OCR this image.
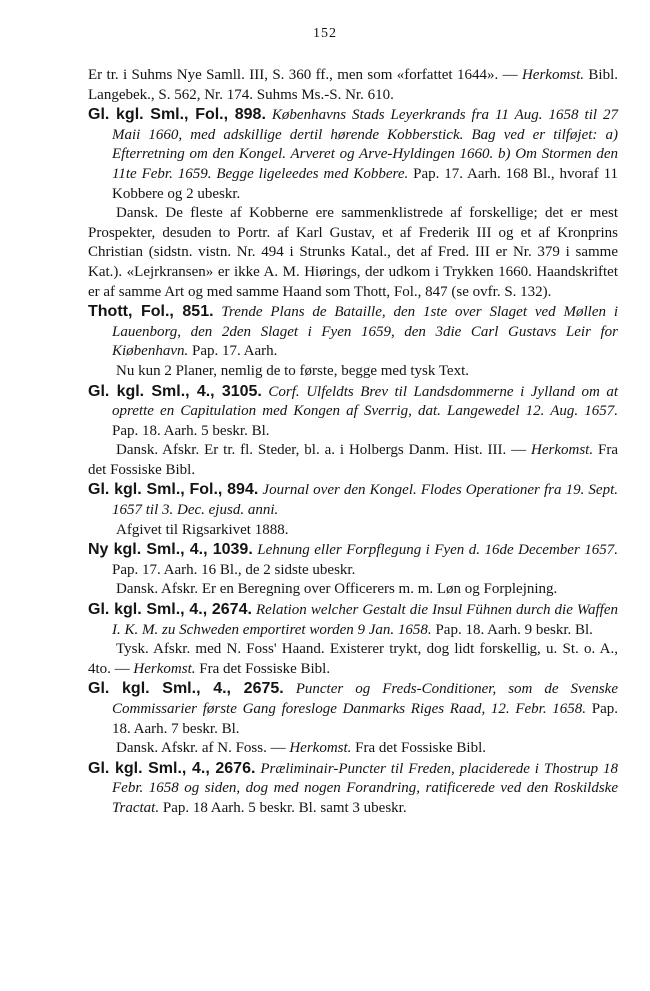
152

Er tr. i Suhms Nye Samll. III, S. 360 ff., men som «forfattet 1644». — Herkomst. Bibl. Langebek., S. 562, Nr. 174. Suhms Ms.-S. Nr. 610.

Gl. kgl. Sml., Fol., 898. Københavns Stads Leyerkrands fra 11 Aug. 1658 til 27 Maii 1660, med adskillige dertil hørende Kobberstick. Bag ved er tilføjet: a) Efterretning om den Kongel. Arveret og Arve-Hyldingen 1660. b) Om Stormen den 11te Febr. 1659. Begge ligeleedes med Kobbere. Pap. 17. Aarh. 168 Bl., hvoraf 11 Kobbere og 2 ubeskr.

Dansk. De fleste af Kobberne ere sammenklistrede af forskellige; det er mest Prospekter, desuden to Portr. af Karl Gustav, et af Frederik III og et af Kronprins Christian (sidstn. vistn. Nr. 494 i Strunks Katal., det af Fred. III er Nr. 379 i samme Kat.). «Lejrkransen» er ikke A. M. Hiørings, der udkom i Trykken 1660. Haandskriftet er af samme Art og med samme Haand som Thott, Fol., 847 (se ovfr. S. 132).

Thott, Fol., 851. Trende Plans de Bataille, den 1ste over Slaget ved Møllen i Lauenborg, den 2den Slaget i Fyen 1659, den 3die Carl Gustavs Leir for Kiøbenhavn. Pap. 17. Aarh.

Nu kun 2 Planer, nemlig de to første, begge med tysk Text.

Gl. kgl. Sml., 4., 3105. Corf. Ulfeldts Brev til Landsdommerne i Jylland om at oprette en Capitulation med Kongen af Sverrig, dat. Langewedel 12. Aug. 1657. Pap. 18. Aarh. 5 beskr. Bl.

Dansk. Afskr. Er tr. fl. Steder, bl. a. i Holbergs Danm. Hist. III. — Herkomst. Fra det Fossiske Bibl.

Gl. kgl. Sml., Fol., 894. Journal over den Kongel. Flodes Operationer fra 19. Sept. 1657 til 3. Dec. ejusd. anni.

Afgivet til Rigsarkivet 1888.

Ny kgl. Sml., 4., 1039. Lehnung eller Forpflegung i Fyen d. 16de December 1657. Pap. 17. Aarh. 16 Bl., de 2 sidste ubeskr.

Dansk. Afskr. Er en Beregning over Officerers m. m. Løn og Forplejning.

Gl. kgl. Sml., 4., 2674. Relation welcher Gestalt die Insul Fühnen durch die Waffen I. K. M. zu Schweden emportiret worden 9 Jan. 1658. Pap. 18. Aarh. 9 beskr. Bl.

Tysk. Afskr. med N. Foss' Haand. Existerer trykt, dog lidt forskellig, u. St. o. A., 4to. — Herkomst. Fra det Fossiske Bibl.

Gl. kgl. Sml., 4., 2675. Puncter og Freds-Conditioner, som de Svenske Commissarier første Gang foresloge Danmarks Riges Raad, 12. Febr. 1658. Pap. 18. Aarh. 7 beskr. Bl.

Dansk. Afskr. af N. Foss. — Herkomst. Fra det Fossiske Bibl.

Gl. kgl. Sml., 4., 2676. Præliminair-Puncter til Freden, placiderede i Thostrup 18 Febr. 1658 og siden, dog med nogen Forandring, ratificerede ved den Roskildske Tractat. Pap. 18 Aarh. 5 beskr. Bl. samt 3 ubeskr.
